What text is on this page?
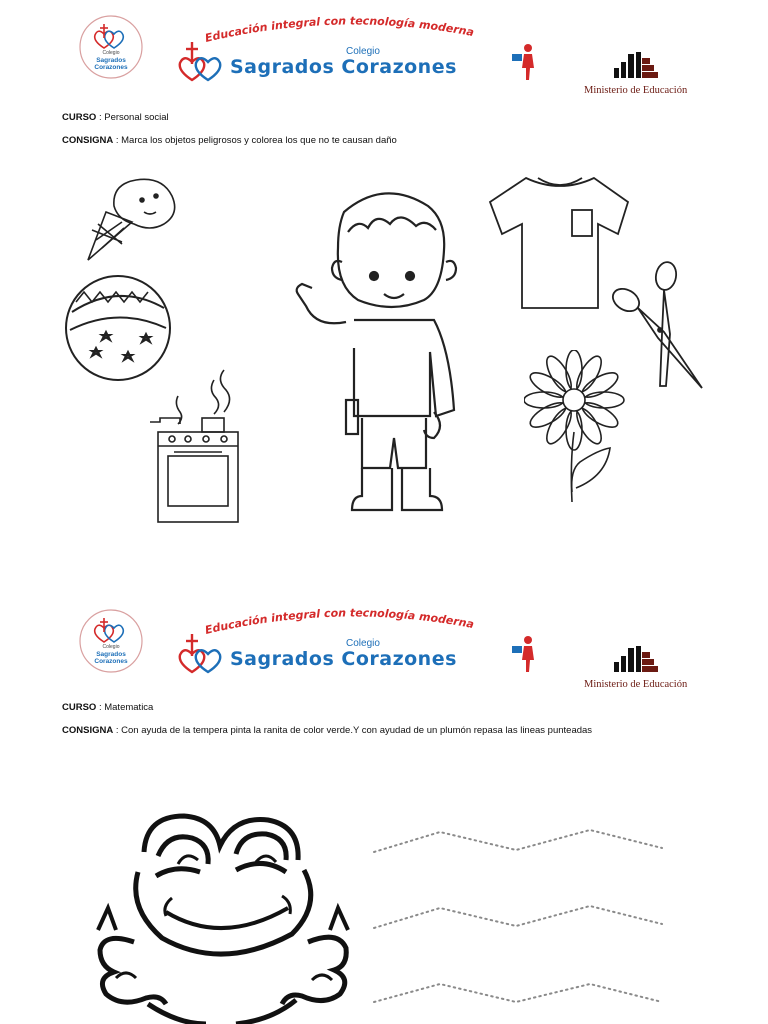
Colegio
Sagrados
Corazones
Educación integral con tecnología moderna
Colegio
Sagrados Corazones
Ministerio de Educación
CURSO : Personal social
CONSIGNA : Marca los objetos peligrosos y colorea los que no te causan daño
Colegio
Sagrados
Corazones
Educación integral con tecnología moderna
Colegio
Sagrados Corazones
Ministerio de Educación
CURSO : Matematica
CONSIGNA : Con ayuda de la tempera pinta la ranita de color verde.Y con ayudad de un plumón repasa las lineas punteadas
